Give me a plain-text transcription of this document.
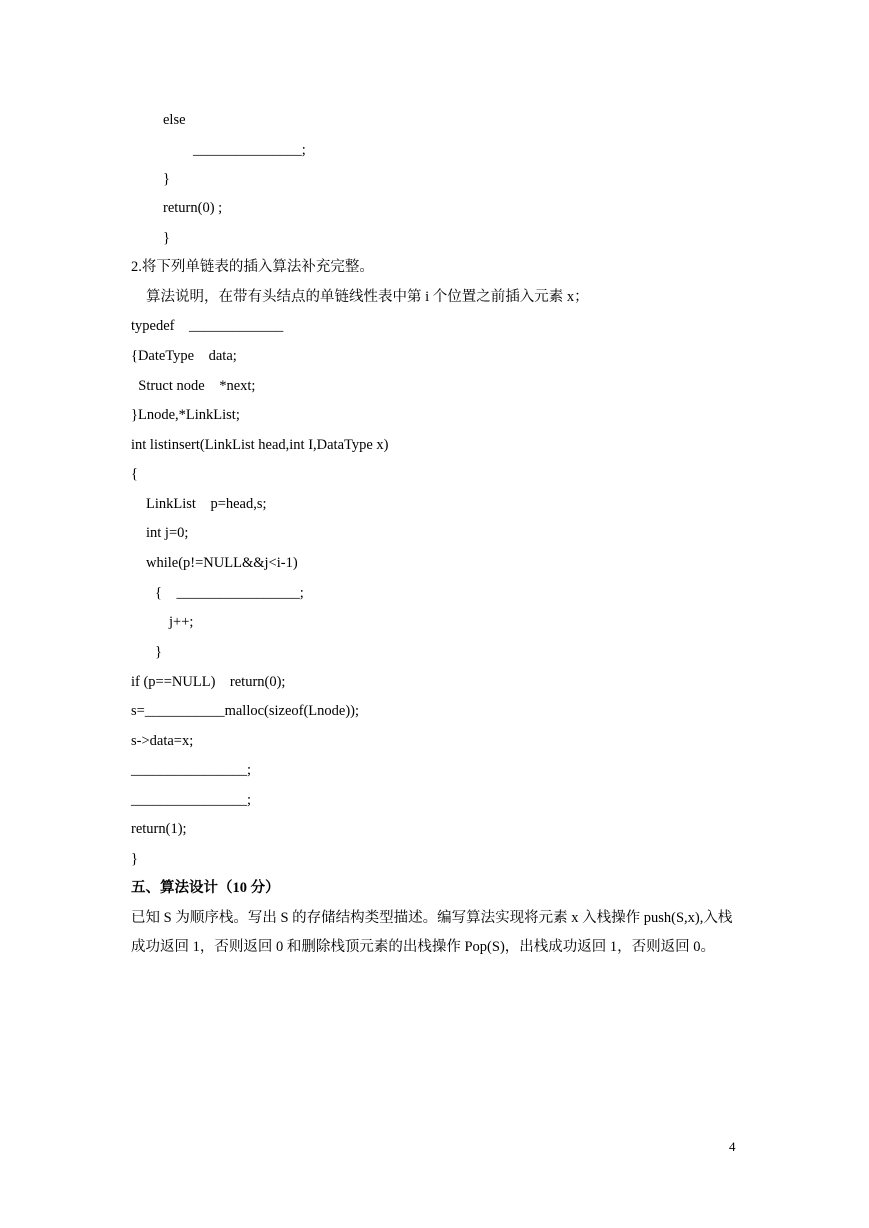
else
_______________;
}
return(0) ;
}
2.将下列单链表的插入算法补充完整。
算法说明，在带有头结点的单链线性表中第 i 个位置之前插入元素 x；
typedef    _____________
{DateType    data;
Struct node    *next;
}Lnode,*LinkList;
int listinsert(LinkList head,int I,DataType x)
{
LinkList    p=head,s;
int j=0;
while(p!=NULL&&j<i-1)
{    _________________;
j++;
}
if (p==NULL)    return(0);
s=___________malloc(sizeof(Lnode));
s->data=x;
________________;
________________;
return(1);
}
五、算法设计（10 分）
已知 S 为顺序栈。写出 S 的存储结构类型描述。编写算法实现将元素 x 入栈操作 push(S,x),入栈成功返回 1，否则返回 0 和删除栈顶元素的出栈操作 Pop(S)，出栈成功返回 1，否则返回 0。
4
